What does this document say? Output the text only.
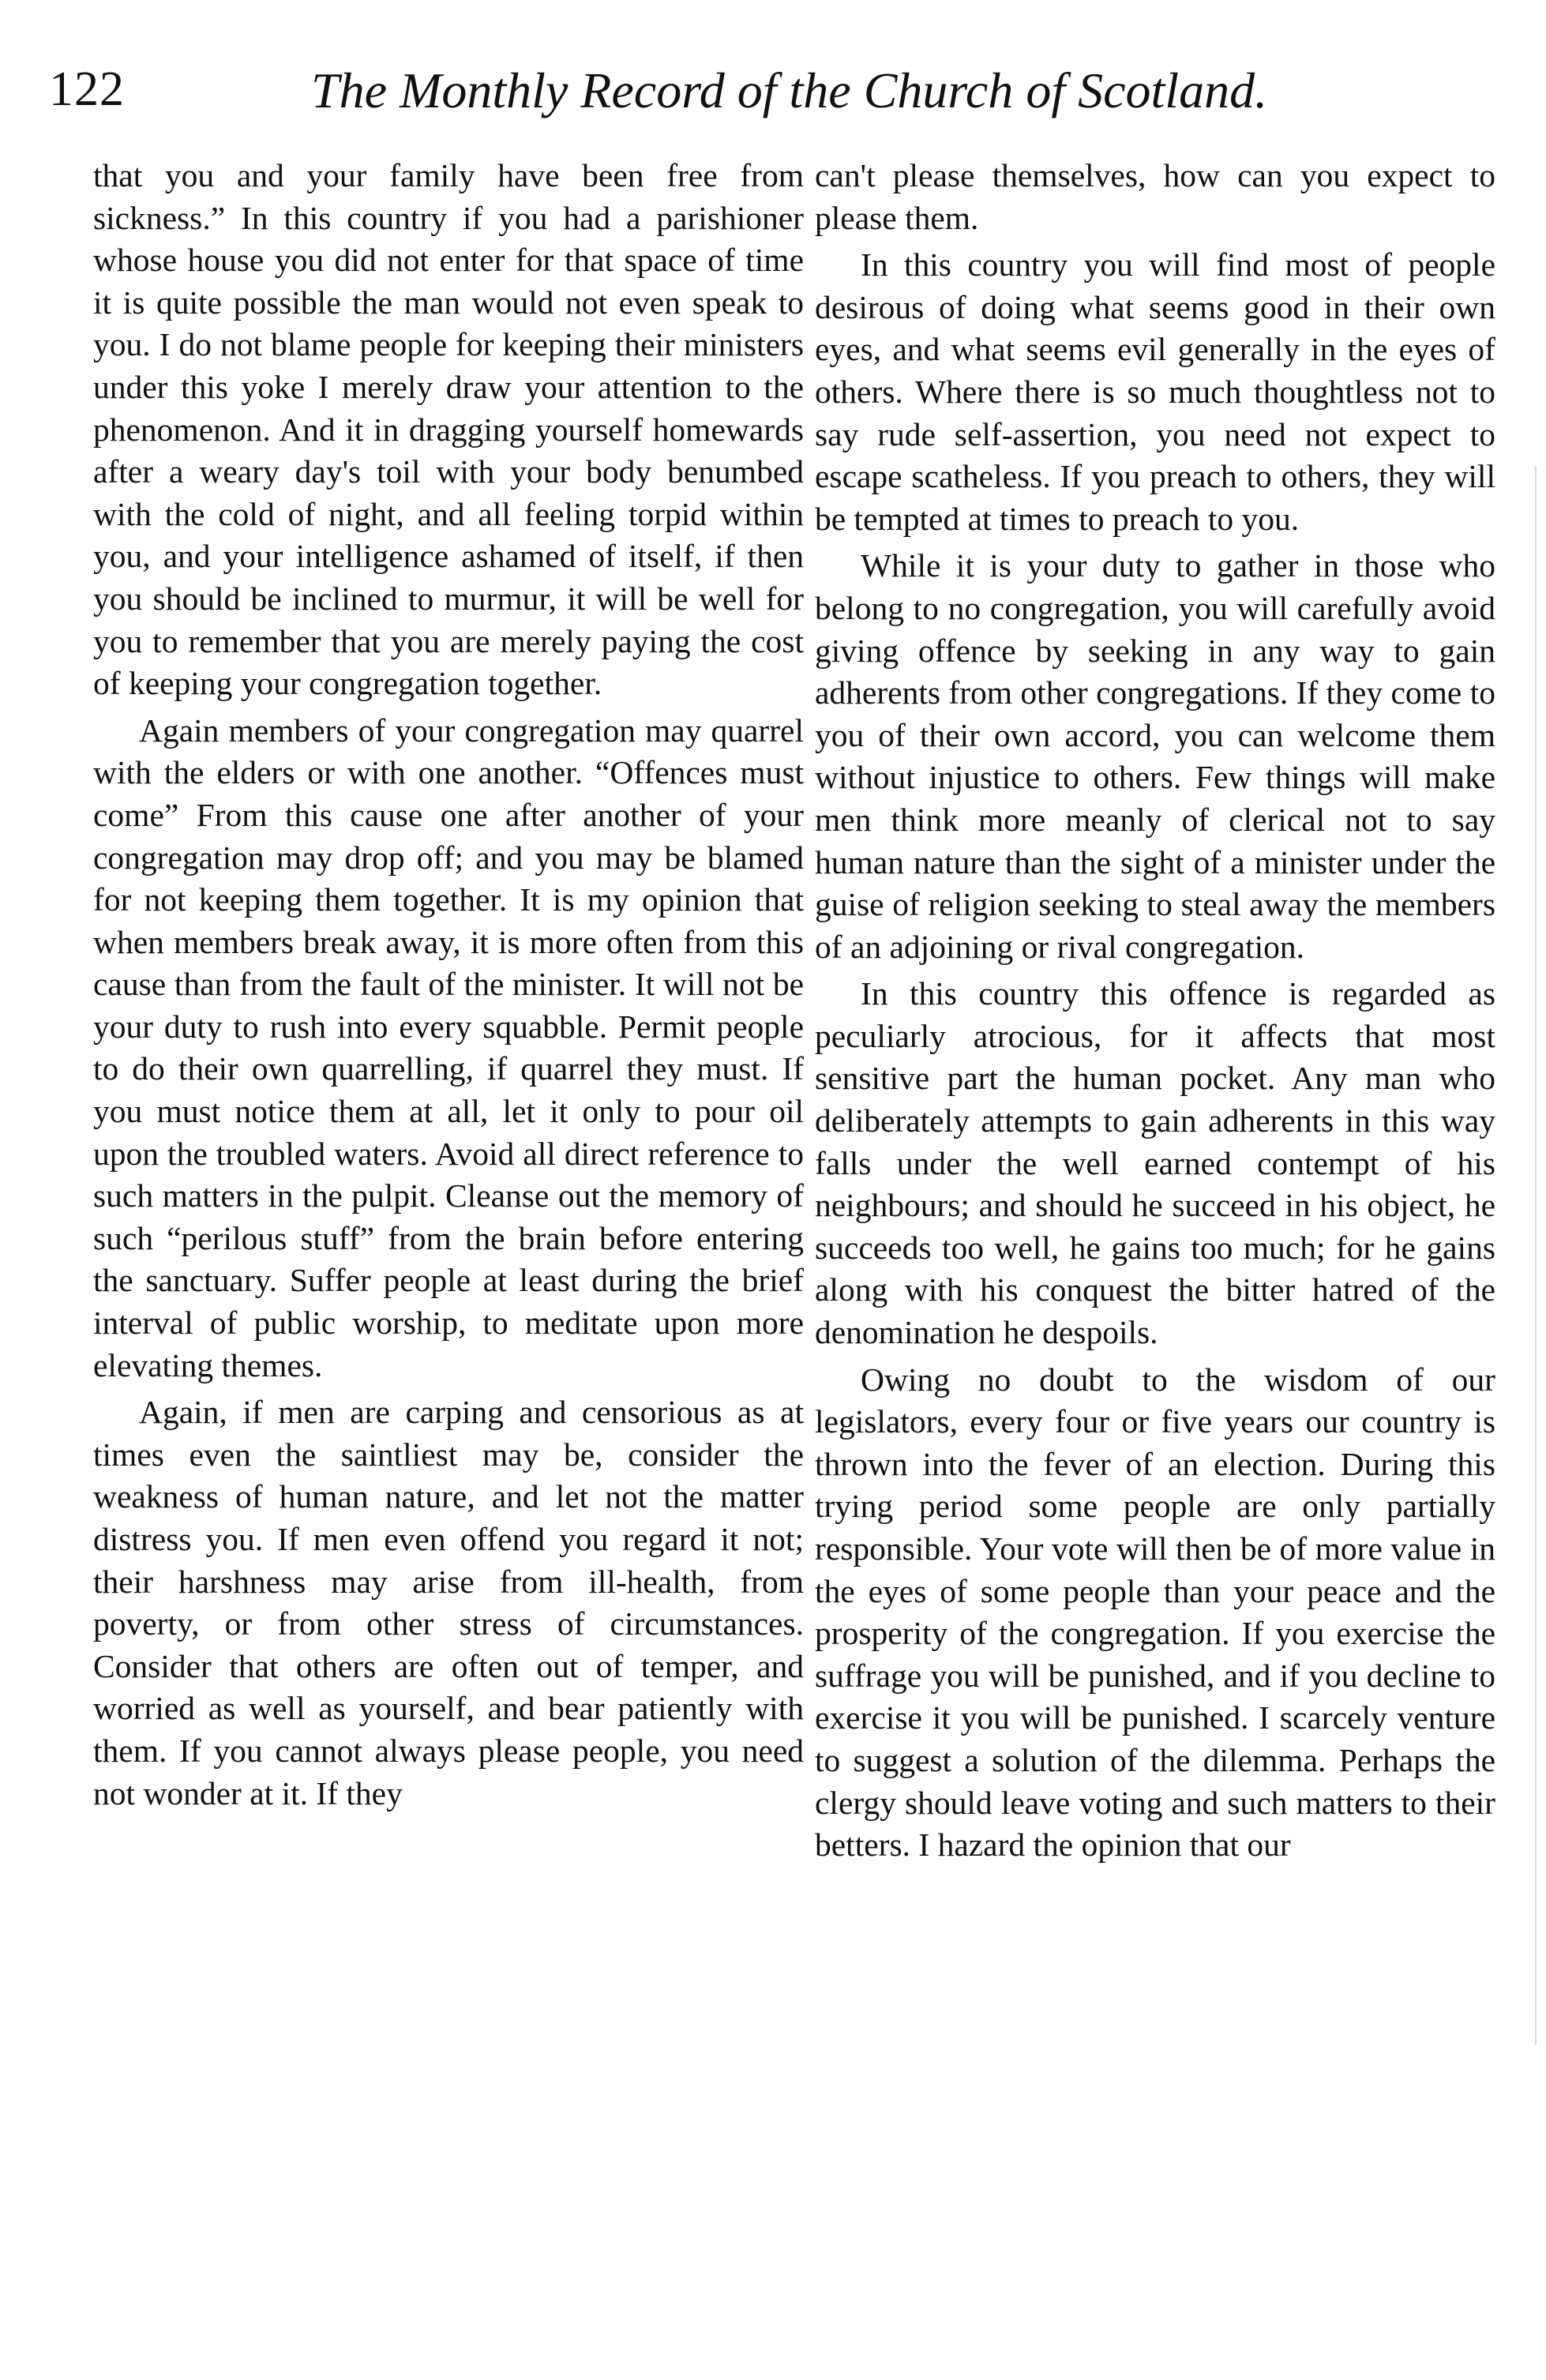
122	The Monthly Record of the Church of Scotland.

that you and your family have been free from sickness.” In this country if you had a parishioner whose house you did not enter for that space of time it is quite possible the man would not even speak to you. I do not blame people for keeping their ministers under this yoke I merely draw your attention to the phenomenon. And it in dragging yourself homewards after a weary day's toil with your body benumbed with the cold of night, and all feeling torpid within you, and your intelligence ashamed of itself, if then you should be inclined to murmur, it will be well for you to remember that you are merely paying the cost of keeping your congregation together.

Again members of your congregation may quarrel with the elders or with one another. “Offences must come” From this cause one after another of your congregation may drop off; and you may be blamed for not keeping them together. It is my opinion that when members break away, it is more often from this cause than from the fault of the minister. It will not be your duty to rush into every squabble. Permit people to do their own quarrelling, if quarrel they must. If you must notice them at all, let it only to pour oil upon the troubled waters. Avoid all direct reference to such matters in the pulpit. Cleanse out the memory of such “perilous stuff” from the brain before entering the sanctuary. Suffer people at least during the brief interval of public worship, to meditate upon more elevating themes.

Again, if men are carping and censorious as at times even the saintliest may be, consider the weakness of human nature, and let not the matter distress you. If men even offend you regard it not; their harshness may arise from ill-health, from poverty, or from other stress of circumstances. Consider that others are often out of temper, and worried as well as yourself, and bear patiently with them. If you cannot always please people, you need not wonder at it. If they

can't please themselves, how can you expect to please them.

In this country you will find most of people desirous of doing what seems good in their own eyes, and what seems evil generally in the eyes of others. Where there is so much thoughtless not to say rude self-assertion, you need not expect to escape scatheless. If you preach to others, they will be tempted at times to preach to you.

While it is your duty to gather in those who belong to no congregation, you will carefully avoid giving offence by seeking in any way to gain adherents from other congregations. If they come to you of their own accord, you can welcome them without injustice to others. Few things will make men think more meanly of clerical not to say human nature than the sight of a minister under the guise of religion seeking to steal away the members of an adjoining or rival congregation.

In this country this offence is regarded as peculiarly atrocious, for it affects that most sensitive part the human pocket. Any man who deliberately attempts to gain adherents in this way falls under the well earned contempt of his neighbours; and should he succeed in his object, he succeeds too well, he gains too much; for he gains along with his conquest the bitter hatred of the denomination he despoils.

Owing no doubt to the wisdom of our legislators, every four or five years our country is thrown into the fever of an election. During this trying period some people are only partially responsible. Your vote will then be of more value in the eyes of some people than your peace and the prosperity of the congregation. If you exercise the suffrage you will be punished, and if you decline to exercise it you will be punished. I scarcely venture to suggest a solution of the dilemma. Perhaps the clergy should leave voting and such matters to their betters. I hazard the opinion that our
